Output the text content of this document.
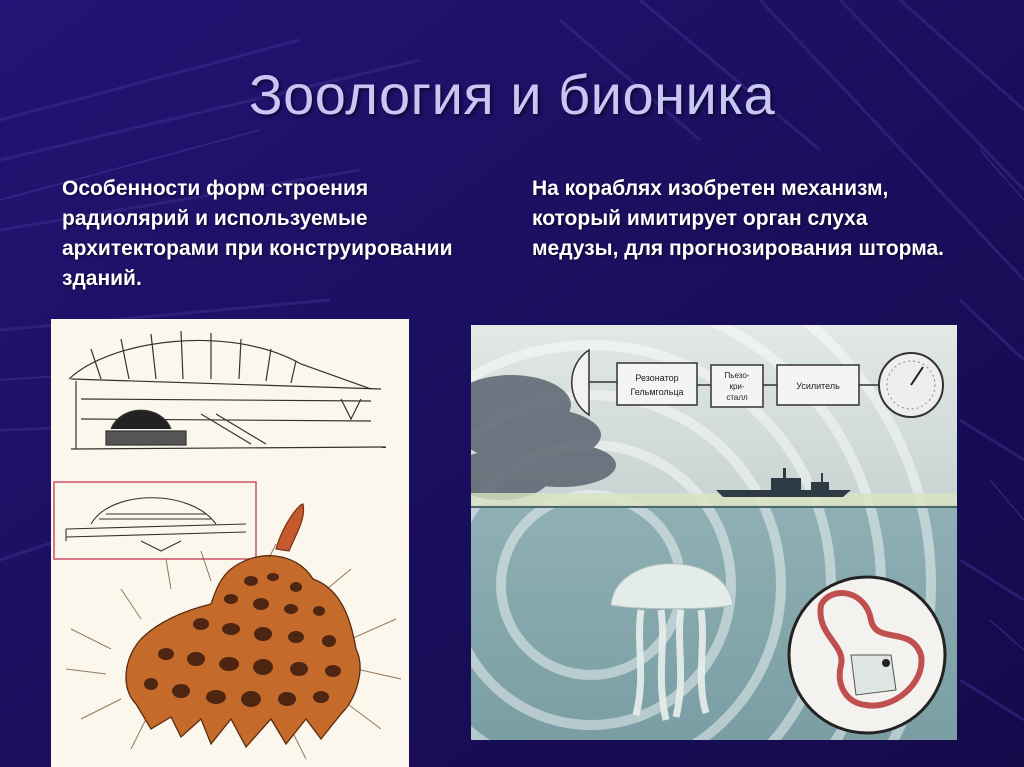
Зоология и бионика
Особенности форм строения радиолярий и используемые архитекторами при конструировании зданий.
На кораблях изобретен механизм, который имитирует орган слуха медузы, для прогнозирования шторма.
Резонатор
Гельмгольца
Пьезо-
кри-
сталл
Усилитель
